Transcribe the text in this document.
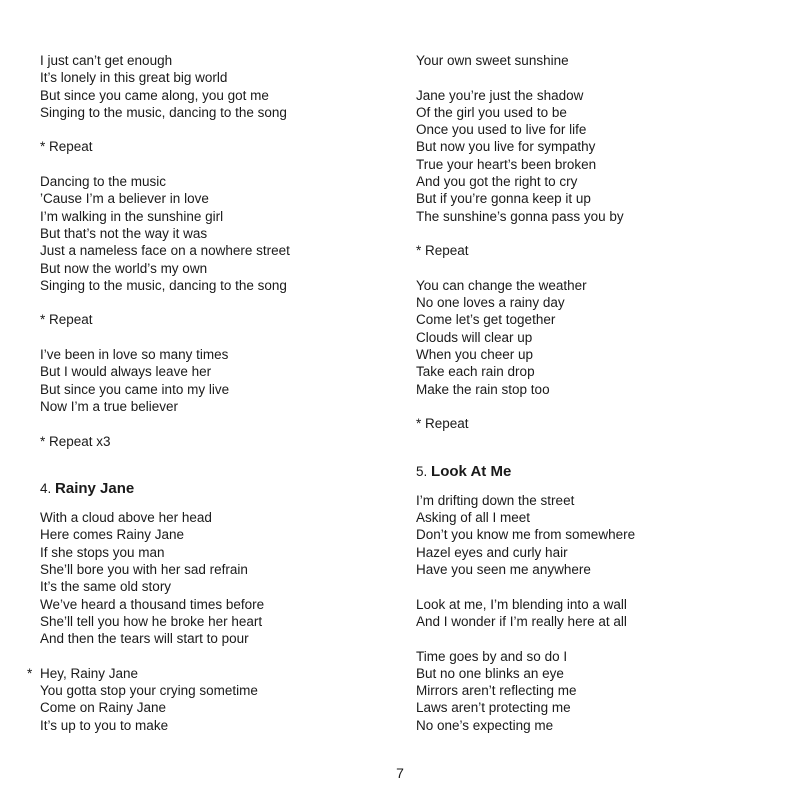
I just can’t get enough
It’s lonely in this great big world
But since you came along, you got me
Singing to the music, dancing to the song
* Repeat
Dancing to the music
’Cause I’m a believer in love
I’m walking in the sunshine girl
But that’s not the way it was
Just a nameless face on a nowhere street
But now the world’s my own
Singing to the music, dancing to the song
* Repeat
I’ve been in love so many times
But I would always leave her
But since you came into my live
Now I’m a true believer
* Repeat x3
4. Rainy Jane
With a cloud above her head
Here comes Rainy Jane
If she stops you man
She’ll bore you with her sad refrain
It’s the same old story
We’ve heard a thousand times before
She’ll tell you how he broke her heart
And then the tears will start to pour
* Hey, Rainy Jane
You gotta stop your crying sometime
Come on Rainy Jane
It’s up to you to make
Your own sweet sunshine
Jane you’re just the shadow
Of the girl you used to be
Once you used to live for life
But now you live for sympathy
True your heart’s been broken
And you got the right to cry
But if you’re gonna keep it up
The sunshine’s gonna pass you by
* Repeat
You can change the weather
No one loves a rainy day
Come let’s get together
Clouds will clear up
When you cheer up
Take each rain drop
Make the rain stop too
* Repeat
5. Look At Me
I’m drifting down the street
Asking of all I meet
Don’t you know me from somewhere
Hazel eyes and curly hair
Have you seen me anywhere
Look at me, I’m blending into a wall
And I wonder if I’m really here at all
Time goes by and so do I
But no one blinks an eye
Mirrors aren’t reflecting me
Laws aren’t protecting me
No one’s expecting me
7
